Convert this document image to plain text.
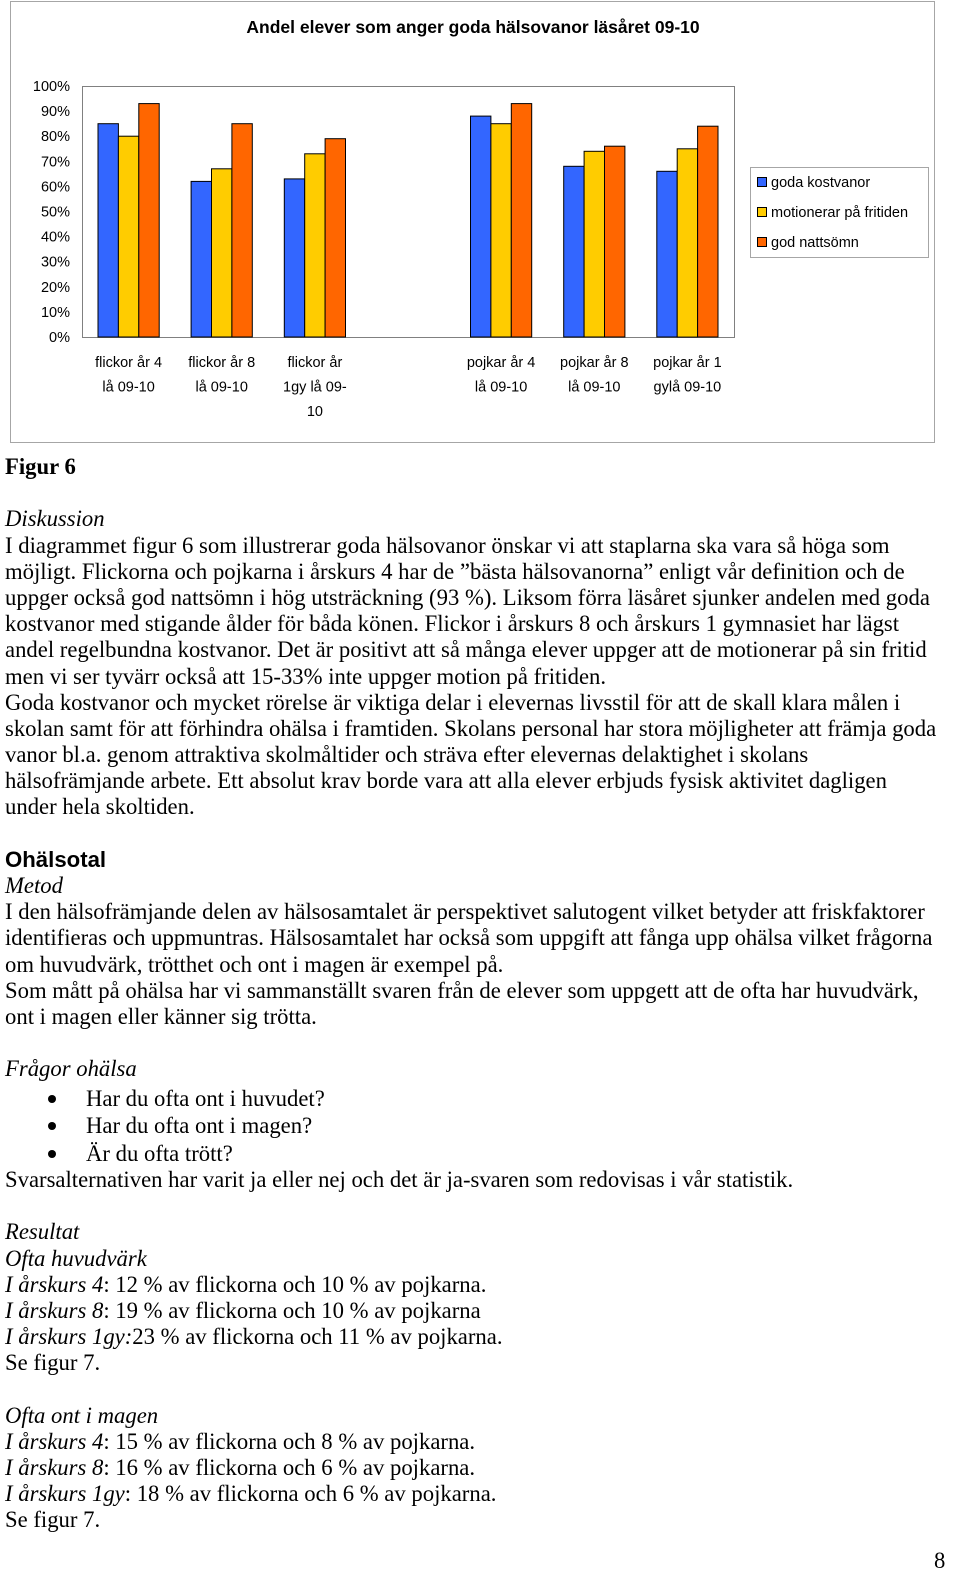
Andel elever som anger goda hälsovanor läsåret 09-10
100%
90%
80%
70%
60%
50%
40%
30%
20%
10%
0%
flickor år 4
lå 09-10
flickor år 8
lå 09-10
flickor år
1gy lå 09-
10
pojkar år 4
lå 09-10
pojkar år 8
lå 09-10
pojkar år 1
gylå 09-10
goda kostvanor
motionerar på fritiden
god nattsömn
Figur 6
Diskussion
I diagrammet figur 6 som illustrerar goda hälsovanor önskar vi att staplarna ska vara så höga som
möjligt. Flickorna och pojkarna i årskurs 4 har de ”bästa hälsovanorna” enligt vår definition och de
uppger också god nattsömn i hög utsträckning (93 %). Liksom förra läsåret sjunker andelen med goda
kostvanor med stigande ålder för båda könen. Flickor i årskurs 8 och årskurs 1 gymnasiet har lägst
andel regelbundna kostvanor. Det är positivt att så många elever uppger att de motionerar på sin fritid
men vi ser tyvärr också att 15-33% inte uppger motion på fritiden.
Goda kostvanor och mycket rörelse är viktiga delar i elevernas livsstil för att de skall klara målen i
skolan samt för att förhindra ohälsa i framtiden. Skolans personal har stora möjligheter att främja goda
vanor bl.a. genom attraktiva skolmåltider och sträva efter elevernas delaktighet i skolans
hälsofrämjande arbete. Ett absolut krav borde vara att alla elever erbjuds fysisk aktivitet dagligen
under hela skoltiden.
Ohälsotal
Metod
I den hälsofrämjande delen av hälsosamtalet är perspektivet salutogent vilket betyder att friskfaktorer
identifieras och uppmuntras. Hälsosamtalet har också som uppgift att fånga upp ohälsa vilket frågorna
om huvudvärk, trötthet och ont i magen är exempel på.
Som mått på ohälsa har vi sammanställt svaren från de elever som uppgett att de ofta har huvudvärk,
ont i magen eller känner sig trötta.
Frågor ohälsa
Har du ofta ont i huvudet?
Har du ofta ont i magen?
Är du ofta trött?
Svarsalternativen har varit ja eller nej och det är ja-svaren som redovisas i vår statistik.
Resultat
Ofta huvudvärk
I årskurs 4: 12 % av flickorna och 10 % av pojkarna.
I årskurs 8: 19 % av flickorna och 10 % av pojkarna
I årskurs 1gy:23 % av flickorna och 11 % av pojkarna.
Se figur 7.
Ofta ont i magen
I årskurs 4: 15 % av flickorna och 8 % av pojkarna.
I årskurs 8: 16 % av flickorna och 6 % av pojkarna.
I årskurs 1gy: 18 % av flickorna och 6 % av pojkarna.
Se figur 7.
8
